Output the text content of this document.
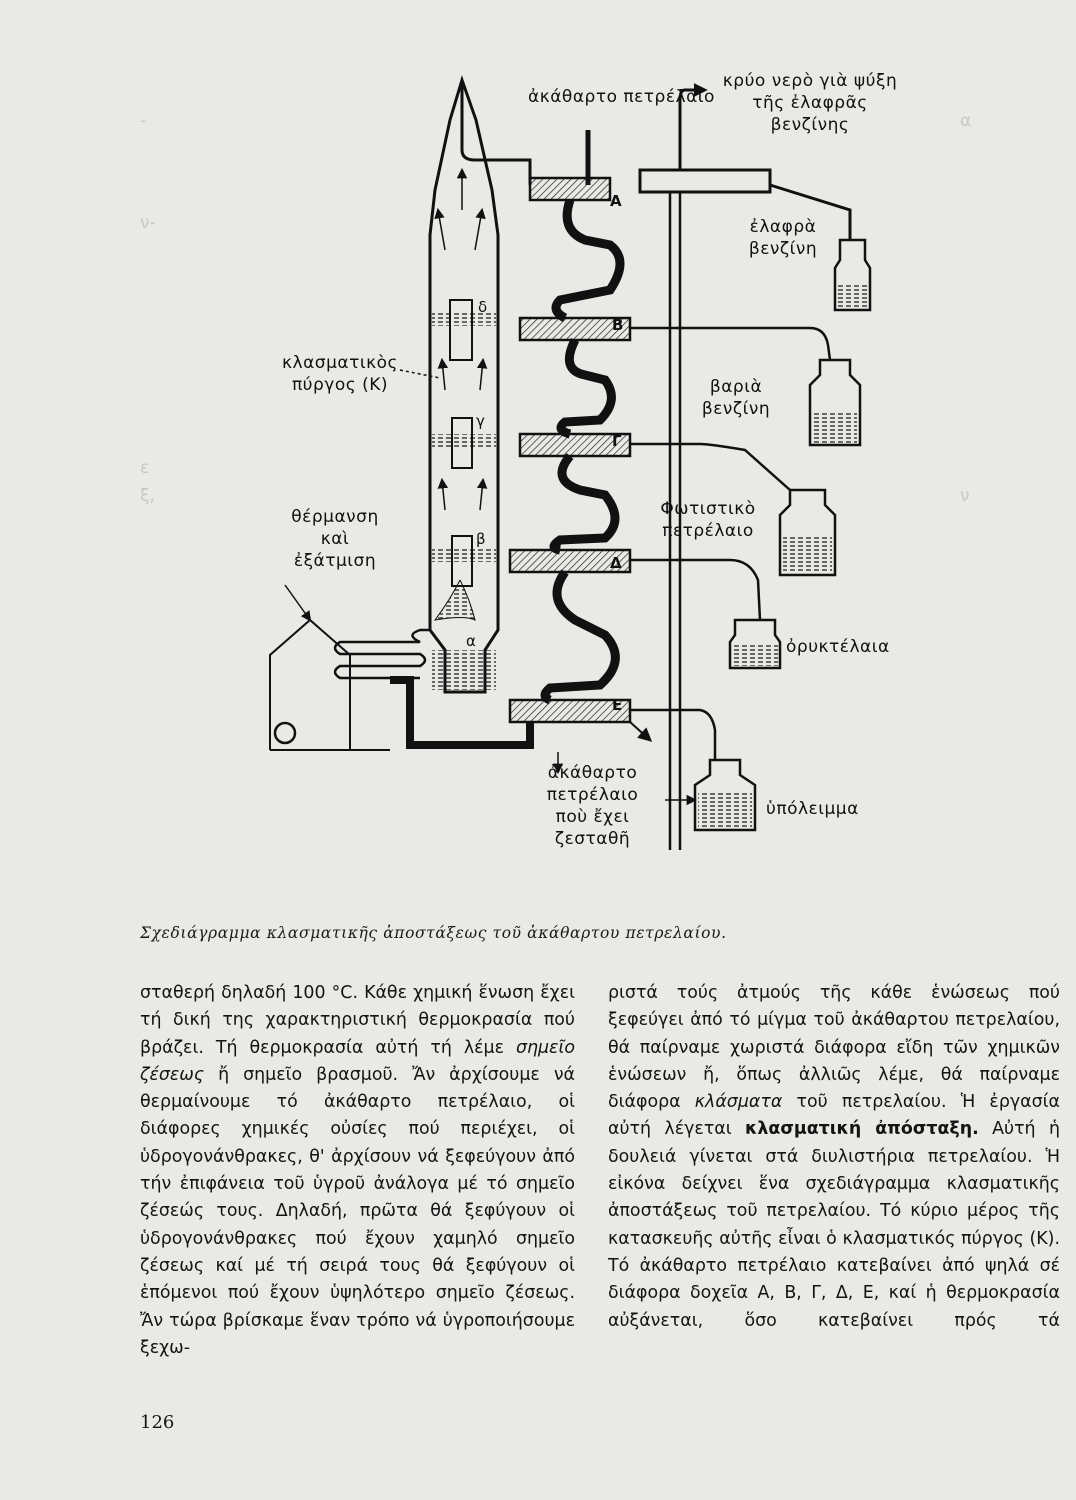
-
ν-
ε
ξ,
α
ν
ἀκάθαρτο πετρέλαιο
κρύο νερὸ γιὰ ψύξη τῆς ἐλαφρᾶς βενζίνης
ἐλαφρὰ βενζίνη
βαριὰ βενζίνη
Φωτιστικὸ πετρέλαιο
ὀρυκτέλαια
ὑπόλειμμα
κλασματικὸς πύργος (Κ)
θέρμανση καὶ ἐξάτμιση
ἀκάθαρτο πετρέλαιο ποὺ ἔχει ζεσταθῆ
Α
Β
Γ
Δ
Ε
δ
γ
β
α
Σχεδιάγραμμα κλασματικῆς ἀποστάξεως τοῦ ἀκάθαρτου πετρελαίου.

σταθερή δηλαδή 100 °C. Κάθε χημική ἕνωση ἔχει τή δική της χαρακτηριστική θερμοκρασία πού βράζει. Τή θερμοκρασία αὐτή τή λέμε σημεῖο ζέσεως ἤ σημεῖο βρασμοῦ. Ἄν ἀρχίσουμε νά θερμαίνουμε τό ἀκάθαρτο πετρέλαιο, οἱ διάφορες χημικές οὐσίες πού περιέχει, οἱ ὑδρογονάνθρακες, θ' ἀρχίσουν νά ξεφεύγουν ἀπό τήν ἐπιφάνεια τοῦ ὑγροῦ ἀνάλογα μέ τό σημεῖο ζέσεώς τους. Δηλαδή, πρῶτα θά ξεφύγουν οἱ ὑδρογονάνθρακες πού ἔχουν χαμηλό σημεῖο ζέσεως καί μέ τή σειρά τους θά ξεφύγουν οἱ ἑπόμενοι πού ἔχουν ὑψηλότερο σημεῖο ζέσεως. Ἄν τώρα βρίσκαμε ἕναν τρόπο νά ὑγροποιήσουμε ξεχω-

ριστά τούς ἀτμούς τῆς κάθε ἑνώσεως πού ξεφεύγει ἀπό τό μίγμα τοῦ ἀκάθαρτου πετρελαίου, θά παίρναμε χωριστά διάφορα εἴδη τῶν χημικῶν ἑνώσεων ἤ, ὅπως ἀλλιῶς λέμε, θά παίρναμε διάφορα κλάσματα τοῦ πετρελαίου. Ἡ ἐργασία αὐτή λέγεται κλασματική ἀπόσταξη. Αὐτή ἡ δουλειά γίνεται στά διυλιστήρια πετρελαίου. Ἡ εἰκόνα δείχνει ἕνα σχεδιάγραμμα κλασματικῆς ἀποστάξεως τοῦ πετρελαίου. Τό κύριο μέρος τῆς κατασκευῆς αὐτῆς εἶναι ὁ κλασματικός πύργος (Κ). Τό ἀκάθαρτο πετρέλαιο κατεβαίνει ἀπό ψηλά σέ διάφορα δοχεῖα Α, Β, Γ, Δ, Ε, καί ἡ θερμοκρασία αὐξάνεται, ὅσο κατεβαίνει πρός τά

126
